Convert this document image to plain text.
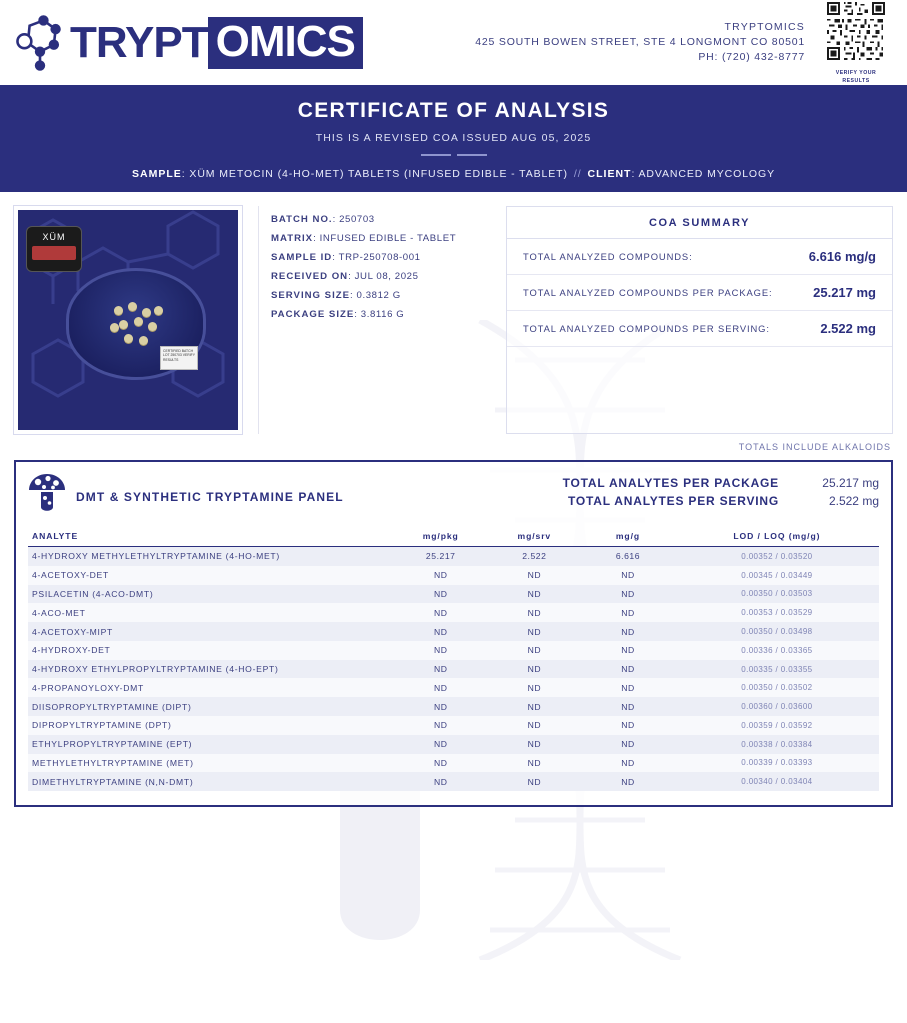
TRYPT OMICS	TRYPTOMICS
425 SOUTH BOWEN STREET, STE 4 LONGMONT CO 80501
PH: (720) 432-8777
VERIFY YOUR
RESULTS
CERTIFICATE OF ANALYSIS
THIS IS A REVISED COA ISSUED AUG 05, 2025
SAMPLE: XÜM METOCIN (4-HO-MET) TABLETS (INFUSED EDIBLE - TABLET) // CLIENT: ADVANCED MYCOLOGY
XÜM
CERTIFIED BATCH LOT 250703 VERIFY RESULTS
BATCH NO.: 250703
MATRIX: INFUSED EDIBLE - TABLET
SAMPLE ID: TRP-250708-001
RECEIVED ON: JUL 08, 2025
SERVING SIZE: 0.3812 G
PACKAGE SIZE: 3.8116 G
COA SUMMARY
TOTAL ANALYZED COMPOUNDS:	6.616 mg/g
TOTAL ANALYZED COMPOUNDS PER PACKAGE:	25.217 mg
TOTAL ANALYZED COMPOUNDS PER SERVING:	2.522 mg
TOTALS INCLUDE ALKALOIDS
DMT & SYNTHETIC TRYPTAMINE PANEL
TOTAL ANALYTES PER PACKAGE	25.217 mg
TOTAL ANALYTES PER SERVING	2.522 mg
ANALYTE	mg/pkg	mg/srv	mg/g	LOD / LOQ (mg/g)
4-HYDROXY METHYLETHYLTRYPTAMINE (4-HO-MET)	25.217	2.522	6.616	0.00352 / 0.03520
4-ACETOXY-DET	ND	ND	ND	0.00345 / 0.03449
PSILACETIN (4-ACO-DMT)	ND	ND	ND	0.00350 / 0.03503
4-ACO-MET	ND	ND	ND	0.00353 / 0.03529
4-ACETOXY-MIPT	ND	ND	ND	0.00350 / 0.03498
4-HYDROXY-DET	ND	ND	ND	0.00336 / 0.03365
4-HYDROXY ETHYLPROPYLTRYPTAMINE (4-HO-EPT)	ND	ND	ND	0.00335 / 0.03355
4-PROPANOYLOXY-DMT	ND	ND	ND	0.00350 / 0.03502
DIISOPROPYLTRYPTAMINE (DIPT)	ND	ND	ND	0.00360 / 0.03600
DIPROPYLTRYPTAMINE (DPT)	ND	ND	ND	0.00359 / 0.03592
ETHYLPROPYLTRYPTAMINE (EPT)	ND	ND	ND	0.00338 / 0.03384
METHYLETHYLTRYPTAMINE (MET)	ND	ND	ND	0.00339 / 0.03393
DIMETHYLTRYPTAMINE (N,N-DMT)	ND	ND	ND	0.00340 / 0.03404
